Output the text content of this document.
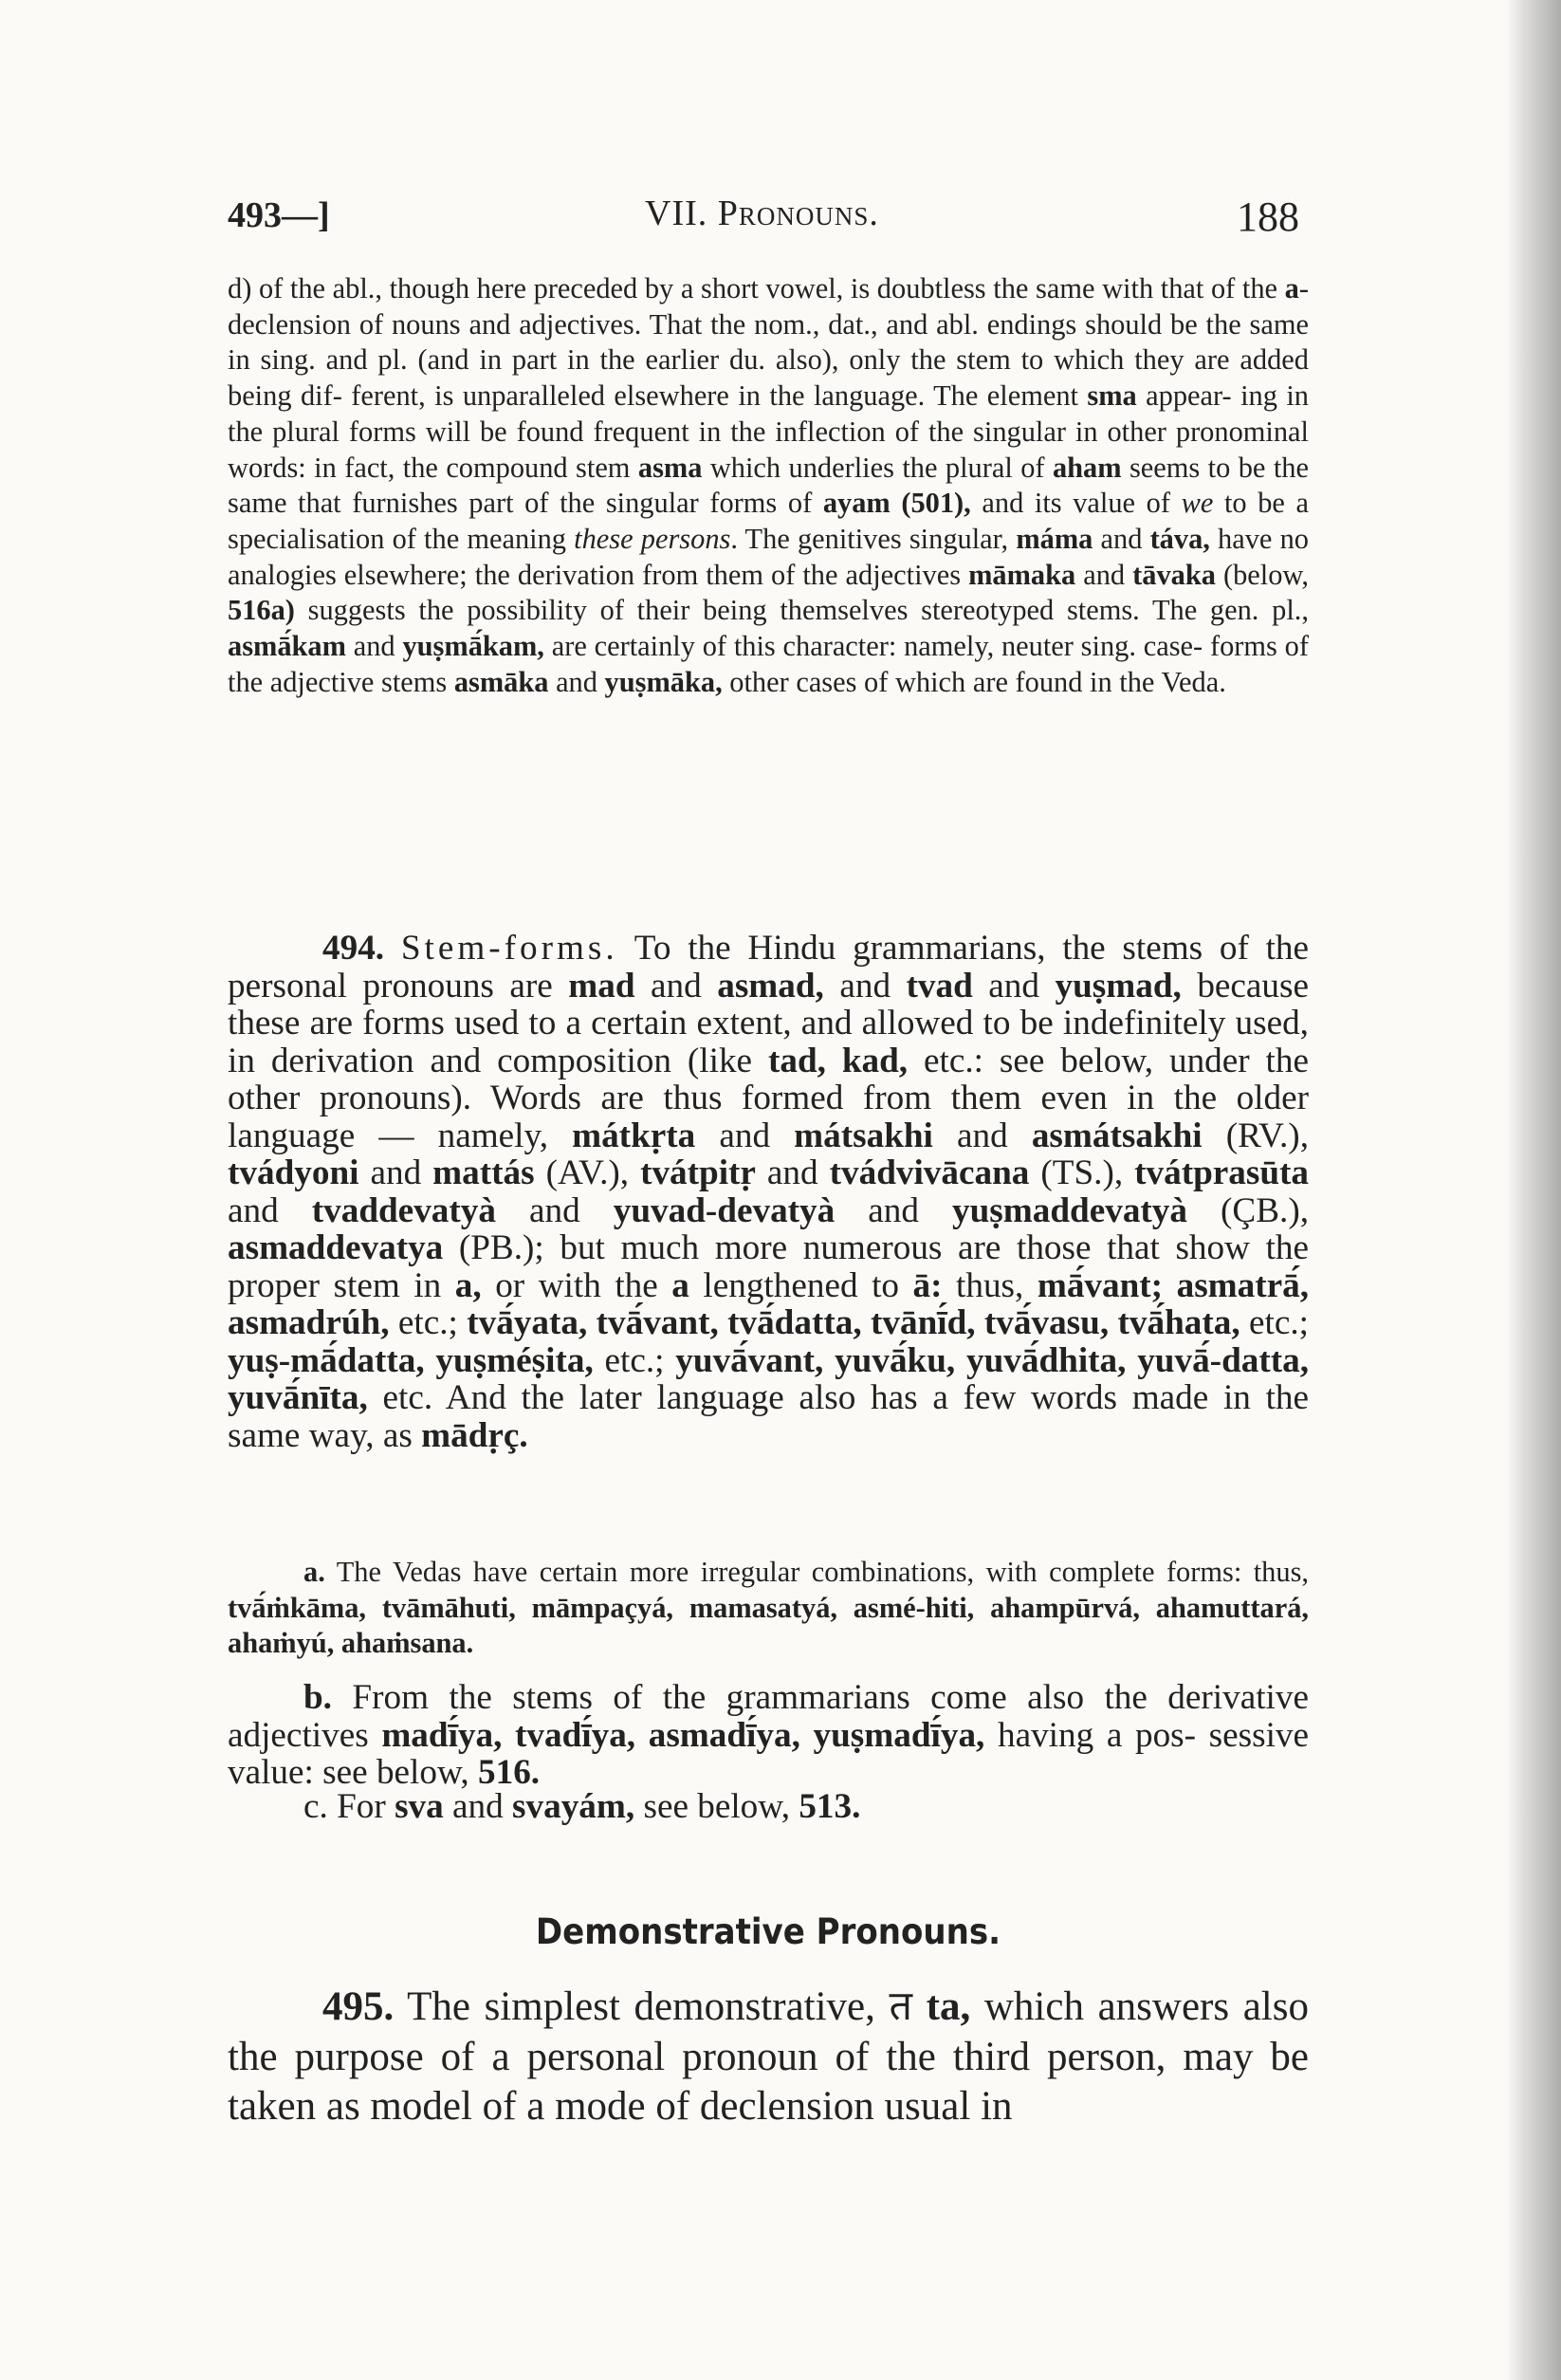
493—]	VII. Pronouns.	188

d) of the abl., though here preceded by a short vowel, is doubtless the same with that of the a-declension of nouns and adjectives. That the nom., dat., and abl. endings should be the same in sing. and pl. (and in part in the earlier du. also), only the stem to which they are added being dif- ferent, is unparalleled elsewhere in the language. The element sma appear- ing in the plural forms will be found frequent in the inflection of the singular in other pronominal words: in fact, the compound stem asma which underlies the plural of aham seems to be the same that furnishes part of the singular forms of ayam (501), and its value of we to be a specialisation of the meaning these persons. The genitives singular, máma and táva, have no analogies elsewhere; the derivation from them of the adjectives māmaka and tāvaka (below, 516a) suggests the possibility of their being themselves stereotyped stems. The gen. pl., asmā́kam and yuṣmā́kam, are certainly of this character: namely, neuter sing. case- forms of the adjective stems asmāka and yuṣmāka, other cases of which are found in the Veda.

494. Stem-forms. To the Hindu grammarians, the stems of the personal pronouns are mad and asmad, and tvad and yuṣmad, because these are forms used to a certain extent, and allowed to be indefinitely used, in derivation and composition (like tad, kad, etc.: see below, under the other pronouns). Words are thus formed from them even in the older language — namely, mátkṛta and mátsakhi and asmátsakhi (RV.), tvádyoni and mattás (AV.), tvátpitṛ and tvádvivācana (TS.), tvátprasūta and tvaddevatyà and yuvad-devatyà and yuṣmaddevatyà (ÇB.), asmaddevatya (PB.); but much more numerous are those that show the proper stem in a, or with the a lengthened to ā: thus, mā́vant; asmatrā́, asmadrúh, etc.; tvā́yata, tvā́vant, tvā́datta, tvānī́d, tvā́vasu, tvā́hata, etc.; yuṣ-mā́datta, yuṣméṣita, etc.; yuvā́vant, yuvā́ku, yuvā́dhita, yuvā́-datta, yuvā́nīta, etc. And the later language also has a few words made in the same way, as mādṛç.

a. The Vedas have certain more irregular combinations, with complete forms: thus, tvā́ṁkāma, tvāmāhuti, māmpaçyá, mamasatyá, asmé-hiti, ahampūrvá, ahamuttará, ahaṁyú, ahaṁsana.

b. From the stems of the grammarians come also the derivative adjectives madī́ya, tvadī́ya, asmadī́ya, yuṣmadī́ya, having a pos- sessive value: see below, 516.

c. For sva and svayám, see below, 513.

Demonstrative Pronouns.

495. The simplest demonstrative, त ta, which answers also the purpose of a personal pronoun of the third person, may be taken as model of a mode of declension usual in
